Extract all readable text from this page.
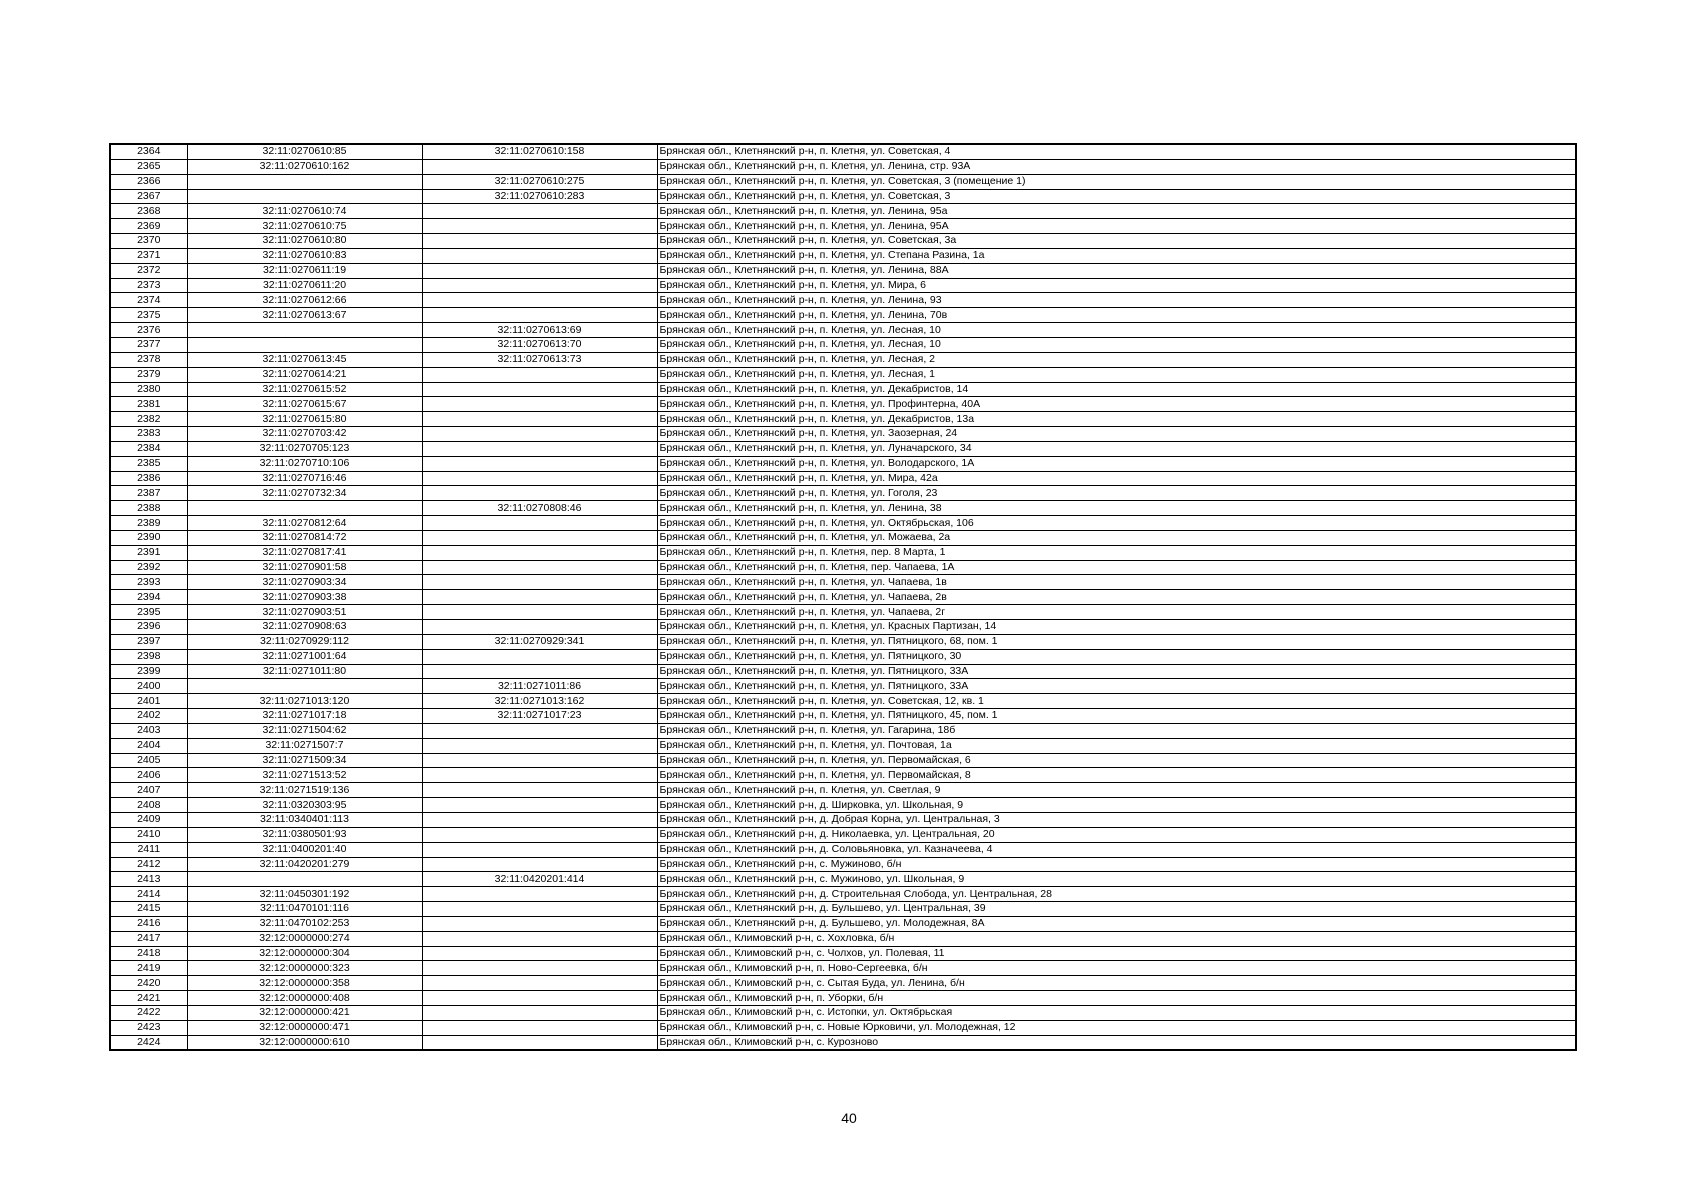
2364	32:11:0270610:85	32:11:0270610:158	Брянская обл., Клетнянский р-н, п. Клетня, ул. Советская, 4
2365	32:11:0270610:162		Брянская обл., Клетнянский р-н, п. Клетня, ул. Ленина, стр. 93А
2366		32:11:0270610:275	Брянская обл., Клетнянский р-н, п. Клетня, ул. Советская, 3 (помещение 1)
2367		32:11:0270610:283	Брянская обл., Клетнянский р-н, п. Клетня, ул. Советская, 3
2368	32:11:0270610:74		Брянская обл., Клетнянский р-н, п. Клетня, ул. Ленина, 95а
2369	32:11:0270610:75		Брянская обл., Клетнянский р-н, п. Клетня, ул. Ленина, 95А
2370	32:11:0270610:80		Брянская обл., Клетнянский р-н, п. Клетня, ул. Советская, 3а
2371	32:11:0270610:83		Брянская обл., Клетнянский р-н, п. Клетня, ул. Степана Разина, 1а
2372	32:11:0270611:19		Брянская обл., Клетнянский р-н, п. Клетня, ул. Ленина, 88А
2373	32:11:0270611:20		Брянская обл., Клетнянский р-н, п. Клетня, ул. Мира, 6
2374	32:11:0270612:66		Брянская обл., Клетнянский р-н, п. Клетня, ул. Ленина, 93
2375	32:11:0270613:67		Брянская обл., Клетнянский р-н, п. Клетня, ул. Ленина, 70в
2376		32:11:0270613:69	Брянская обл., Клетнянский р-н, п. Клетня, ул. Лесная, 10
2377		32:11:0270613:70	Брянская обл., Клетнянский р-н, п. Клетня, ул. Лесная, 10
2378	32:11:0270613:45	32:11:0270613:73	Брянская обл., Клетнянский р-н, п. Клетня, ул. Лесная, 2
2379	32:11:0270614:21		Брянская обл., Клетнянский р-н, п. Клетня, ул. Лесная, 1
2380	32:11:0270615:52		Брянская обл., Клетнянский р-н, п. Клетня, ул. Декабристов, 14
2381	32:11:0270615:67		Брянская обл., Клетнянский р-н, п. Клетня, ул. Профинтерна, 40А
2382	32:11:0270615:80		Брянская обл., Клетнянский р-н, п. Клетня, ул. Декабристов, 13а
2383	32:11:0270703:42		Брянская обл., Клетнянский р-н, п. Клетня, ул. Заозерная, 24
2384	32:11:0270705:123		Брянская обл., Клетнянский р-н, п. Клетня, ул. Луначарского, 34
2385	32:11:0270710:106		Брянская обл., Клетнянский р-н, п. Клетня, ул. Володарского, 1А
2386	32:11:0270716:46		Брянская обл., Клетнянский р-н, п. Клетня, ул. Мира, 42а
2387	32:11:0270732:34		Брянская обл., Клетнянский р-н, п. Клетня, ул. Гоголя, 23
2388		32:11:0270808:46	Брянская обл., Клетнянский р-н, п. Клетня, ул. Ленина, 38
2389	32:11:0270812:64		Брянская обл., Клетнянский р-н, п. Клетня, ул. Октябрьская, 106
2390	32:11:0270814:72		Брянская обл., Клетнянский р-н, п. Клетня, ул. Можаева, 2а
2391	32:11:0270817:41		Брянская обл., Клетнянский р-н, п. Клетня, пер. 8 Марта, 1
2392	32:11:0270901:58		Брянская обл., Клетнянский р-н, п. Клетня, пер. Чапаева, 1А
2393	32:11:0270903:34		Брянская обл., Клетнянский р-н, п. Клетня, ул. Чапаева, 1в
2394	32:11:0270903:38		Брянская обл., Клетнянский р-н, п. Клетня, ул. Чапаева, 2в
2395	32:11:0270903:51		Брянская обл., Клетнянский р-н, п. Клетня, ул. Чапаева, 2г
2396	32:11:0270908:63		Брянская обл., Клетнянский р-н, п. Клетня, ул. Красных Партизан, 14
2397	32:11:0270929:112	32:11:0270929:341	Брянская обл., Клетнянский р-н, п. Клетня, ул. Пятницкого, 68, пом. 1
2398	32:11:0271001:64		Брянская обл., Клетнянский р-н, п. Клетня, ул. Пятницкого, 30
2399	32:11:0271011:80		Брянская обл., Клетнянский р-н, п. Клетня, ул. Пятницкого, 33А
2400		32:11:0271011:86	Брянская обл., Клетнянский р-н, п. Клетня, ул. Пятницкого, 33А
2401	32:11:0271013:120	32:11:0271013:162	Брянская обл., Клетнянский р-н, п. Клетня, ул. Советская, 12, кв. 1
2402	32:11:0271017:18	32:11:0271017:23	Брянская обл., Клетнянский р-н, п. Клетня, ул. Пятницкого, 45, пом. 1
2403	32:11:0271504:62		Брянская обл., Клетнянский р-н, п. Клетня, ул. Гагарина, 18б
2404	32:11:0271507:7		Брянская обл., Клетнянский р-н, п. Клетня, ул. Почтовая, 1а
2405	32:11:0271509:34		Брянская обл., Клетнянский р-н, п. Клетня, ул. Первомайская, 6
2406	32:11:0271513:52		Брянская обл., Клетнянский р-н, п. Клетня, ул. Первомайская, 8
2407	32:11:0271519:136		Брянская обл., Клетнянский р-н, п. Клетня, ул. Светлая, 9
2408	32:11:0320303:95		Брянская обл., Клетнянский р-н, д. Ширковка, ул. Школьная, 9
2409	32:11:0340401:113		Брянская обл., Клетнянский р-н, д. Добрая Корна, ул. Центральная, 3
2410	32:11:0380501:93		Брянская обл., Клетнянский р-н, д. Николаевка, ул. Центральная, 20
2411	32:11:0400201:40		Брянская обл., Клетнянский р-н, д. Соловьяновка, ул. Казначеева, 4
2412	32:11:0420201:279		Брянская обл., Клетнянский р-н, с. Мужиново, б/н
2413		32:11:0420201:414	Брянская обл., Клетнянский р-н, с. Мужиново, ул. Школьная, 9
2414	32:11:0450301:192		Брянская обл., Клетнянский р-н, д. Строительная Слобода, ул. Центральная, 28
2415	32:11:0470101:116		Брянская обл., Клетнянский р-н, д. Бульшево, ул. Центральная, 39
2416	32:11:0470102:253		Брянская обл., Клетнянский р-н, д. Бульшево, ул. Молодежная, 8А
2417	32:12:0000000:274		Брянская обл., Климовский р-н, с. Хохловка, б/н
2418	32:12:0000000:304		Брянская обл., Климовский р-н, с. Чолхов, ул. Полевая, 11
2419	32:12:0000000:323		Брянская обл., Климовский р-н, п. Ново-Сергеевка, б/н
2420	32:12:0000000:358		Брянская обл., Климовский р-н, с. Сытая Буда, ул. Ленина, б/н
2421	32:12:0000000:408		Брянская обл., Климовский р-н, п. Уборки, б/н
2422	32:12:0000000:421		Брянская обл., Климовский р-н, с. Истопки, ул. Октябрьская
2423	32:12:0000000:471		Брянская обл., Климовский р-н, с. Новые Юрковичи, ул. Молодежная, 12
2424	32:12:0000000:610		Брянская обл., Климовский р-н, с. Курозново
40
